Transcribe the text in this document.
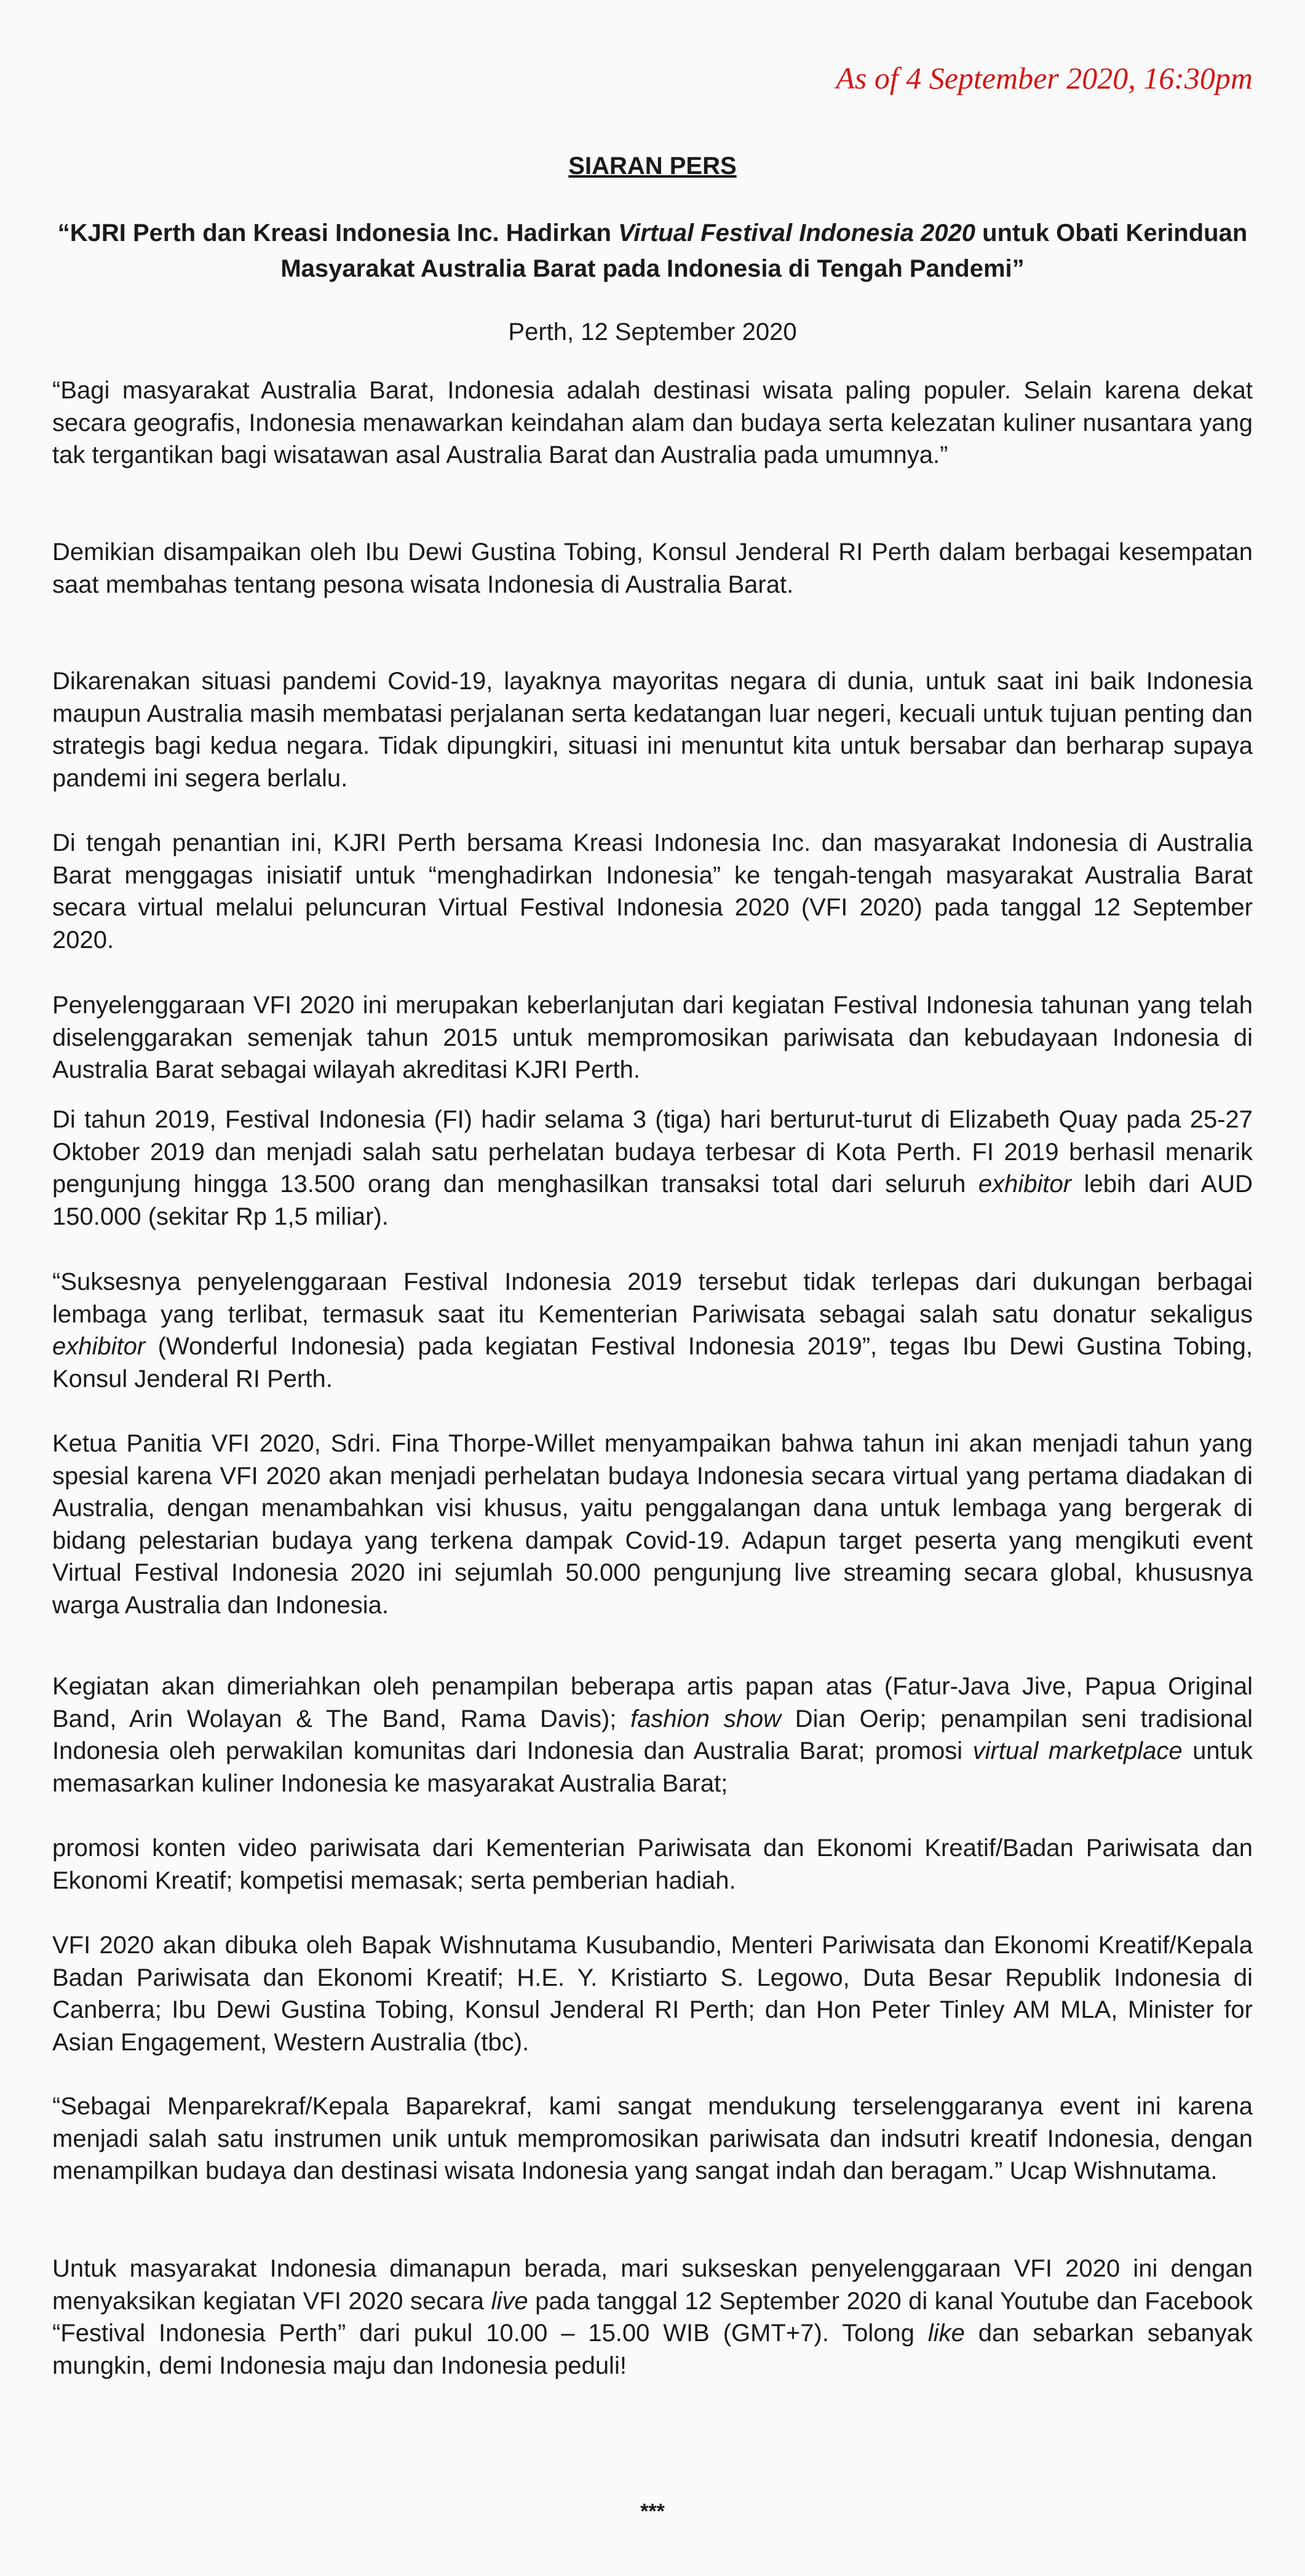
As of 4 September 2020, 16:30pm
SIARAN PERS
“KJRI Perth dan Kreasi Indonesia Inc. Hadirkan Virtual Festival Indonesia 2020 untuk Obati Kerinduan Masyarakat Australia Barat pada Indonesia di Tengah Pandemi”
Perth, 12 September 2020

“Bagi masyarakat Australia Barat, Indonesia adalah destinasi wisata paling populer. Selain karena dekat secara geografis, Indonesia menawarkan keindahan alam dan budaya serta kelezatan kuliner nusantara yang tak tergantikan bagi wisatawan asal Australia Barat dan Australia pada umumnya.”

Demikian disampaikan oleh Ibu Dewi Gustina Tobing, Konsul Jenderal RI Perth dalam berbagai kesempatan saat membahas tentang pesona wisata Indonesia di Australia Barat.

Dikarenakan situasi pandemi Covid-19, layaknya mayoritas negara di dunia, untuk saat ini baik Indonesia maupun Australia masih membatasi perjalanan serta kedatangan luar negeri, kecuali untuk tujuan penting dan strategis bagi kedua negara. Tidak dipungkiri, situasi ini menuntut kita untuk bersabar dan berharap supaya pandemi ini segera berlalu.

Di tengah penantian ini, KJRI Perth bersama Kreasi Indonesia Inc. dan masyarakat Indonesia di Australia Barat menggagas inisiatif untuk “menghadirkan Indonesia” ke tengah-tengah masyarakat Australia Barat secara virtual melalui peluncuran Virtual Festival Indonesia 2020 (VFI 2020) pada tanggal 12 September 2020.

Penyelenggaraan VFI 2020 ini merupakan keberlanjutan dari kegiatan Festival Indonesia tahunan yang telah diselenggarakan semenjak tahun 2015 untuk mempromosikan pariwisata dan kebudayaan Indonesia di Australia Barat sebagai wilayah akreditasi KJRI Perth.

Di tahun 2019, Festival Indonesia (FI) hadir selama 3 (tiga) hari berturut-turut di Elizabeth Quay pada 25-27 Oktober 2019 dan menjadi salah satu perhelatan budaya terbesar di Kota Perth. FI 2019 berhasil menarik pengunjung hingga 13.500 orang dan menghasilkan transaksi total dari seluruh exhibitor lebih dari AUD 150.000 (sekitar Rp 1,5 miliar).

“Suksesnya penyelenggaraan Festival Indonesia 2019 tersebut tidak terlepas dari dukungan berbagai lembaga yang terlibat, termasuk saat itu Kementerian Pariwisata sebagai salah satu donatur sekaligus exhibitor (Wonderful Indonesia) pada kegiatan Festival Indonesia 2019”, tegas Ibu Dewi Gustina Tobing, Konsul Jenderal RI Perth.

Ketua Panitia VFI 2020, Sdri. Fina Thorpe-Willet menyampaikan bahwa tahun ini akan menjadi tahun yang spesial karena VFI 2020 akan menjadi perhelatan budaya Indonesia secara virtual yang pertama diadakan di Australia, dengan menambahkan visi khusus, yaitu penggalangan dana untuk lembaga yang bergerak di bidang pelestarian budaya yang terkena dampak Covid-19. Adapun target peserta yang mengikuti event Virtual Festival Indonesia 2020 ini sejumlah 50.000 pengunjung live streaming secara global, khususnya warga Australia dan Indonesia.

Kegiatan akan dimeriahkan oleh penampilan beberapa artis papan atas (Fatur-Java Jive, Papua Original Band, Arin Wolayan & The Band, Rama Davis); fashion show Dian Oerip; penampilan seni tradisional Indonesia oleh perwakilan komunitas dari Indonesia dan Australia Barat; promosi virtual marketplace untuk memasarkan kuliner Indonesia ke masyarakat Australia Barat;

promosi konten video pariwisata dari Kementerian Pariwisata dan Ekonomi Kreatif/Badan Pariwisata dan Ekonomi Kreatif; kompetisi memasak; serta pemberian hadiah.

VFI 2020 akan dibuka oleh Bapak Wishnutama Kusubandio, Menteri Pariwisata dan Ekonomi Kreatif/Kepala Badan Pariwisata dan Ekonomi Kreatif; H.E. Y. Kristiarto S. Legowo, Duta Besar Republik Indonesia di Canberra; Ibu Dewi Gustina Tobing, Konsul Jenderal RI Perth; dan Hon Peter Tinley AM MLA, Minister for Asian Engagement, Western Australia (tbc).

“Sebagai Menparekraf/Kepala Baparekraf, kami sangat mendukung terselenggaranya event ini karena menjadi salah satu instrumen unik untuk mempromosikan pariwisata dan indsutri kreatif Indonesia, dengan menampilkan budaya dan destinasi wisata Indonesia yang sangat indah dan beragam.” Ucap Wishnutama.

Untuk masyarakat Indonesia dimanapun berada, mari sukseskan penyelenggaraan VFI 2020 ini dengan menyaksikan kegiatan VFI 2020 secara live pada tanggal 12 September 2020 di kanal Youtube dan Facebook “Festival Indonesia Perth” dari pukul 10.00 – 15.00 WIB (GMT+7). Tolong like dan sebarkan sebanyak mungkin, demi Indonesia maju dan Indonesia peduli!

***
